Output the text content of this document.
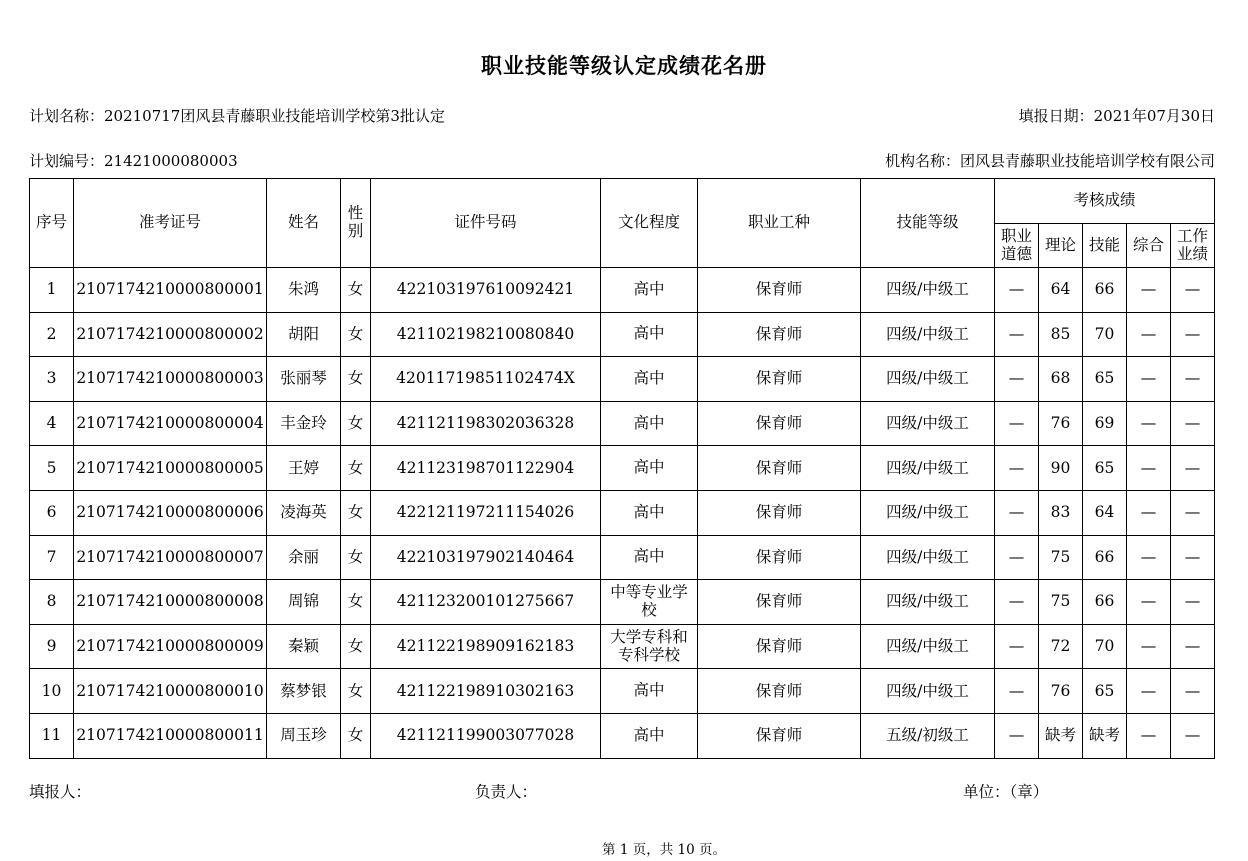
职业技能等级认定成绩花名册
计划名称：20210717团风县青藤职业技能培训学校第3批认定	填报日期：2021年07月30日
计划编号：21421000080003	机构名称：团风县青藤职业技能培训学校有限公司
序号	准考证号	姓名	性别	证件号码	文化程度	职业工种	技能等级	考核成绩				
								职业道德	理论	技能	综合	工作业绩
1	2107174210000800001	朱鸿	女	422103197610092421	高中	保育师	四级/中级工	—	64	66	—	—
2	2107174210000800002	胡阳	女	421102198210080840	高中	保育师	四级/中级工	—	85	70	—	—
3	2107174210000800003	张丽琴	女	42011719851102474X	高中	保育师	四级/中级工	—	68	65	—	—
4	2107174210000800004	丰金玲	女	421121198302036328	高中	保育师	四级/中级工	—	76	69	—	—
5	2107174210000800005	王婷	女	421123198701122904	高中	保育师	四级/中级工	—	90	65	—	—
6	2107174210000800006	凌海英	女	422121197211154026	高中	保育师	四级/中级工	—	83	64	—	—
7	2107174210000800007	余丽	女	422103197902140464	高中	保育师	四级/中级工	—	75	66	—	—
8	2107174210000800008	周锦	女	421123200101275667	中等专业学校	保育师	四级/中级工	—	75	66	—	—
9	2107174210000800009	秦颖	女	421122198909162183	大学专科和专科学校	保育师	四级/中级工	—	72	70	—	—
10	2107174210000800010	蔡梦银	女	421122198910302163	高中	保育师	四级/中级工	—	76	65	—	—
11	2107174210000800011	周玉珍	女	421121199003077028	高中	保育师	五级/初级工	—	缺考	缺考	—	—
填报人：	负责人：	单位：（章）
第 1 页，共 10 页。
